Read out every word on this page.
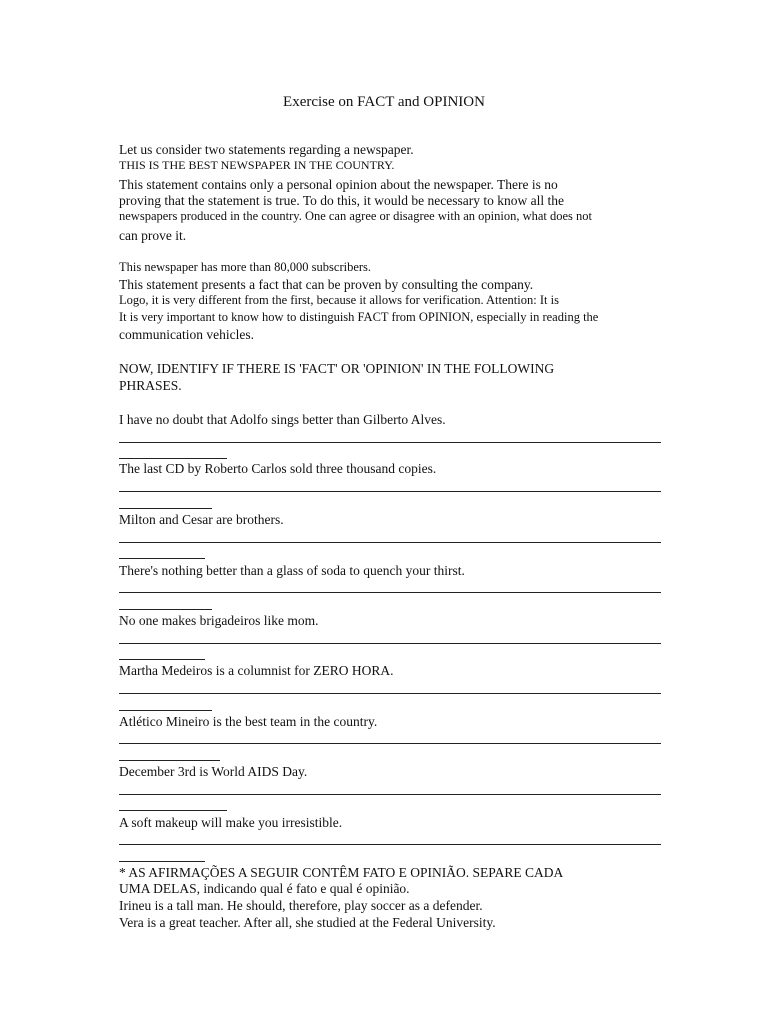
Exercise on FACT and OPINION
Let us consider two statements regarding a newspaper.
THIS IS THE BEST NEWSPAPER IN THE COUNTRY.
This statement contains only a personal opinion about the newspaper. There is no
proving that the statement is true. To do this, it would be necessary to know all the
newspapers produced in the country. One can agree or disagree with an opinion, what does not
can prove it.
This newspaper has more than 80,000 subscribers.
This statement presents a fact that can be proven by consulting the company.
Logo, it is very different from the first, because it allows for verification. Attention: It is
It is very important to know how to distinguish FACT from OPINION, especially in reading the
communication vehicles.
NOW, IDENTIFY IF THERE IS 'FACT' OR 'OPINION' IN THE FOLLOWING
PHRASES.
I have no doubt that Adolfo sings better than Gilberto Alves.
The last CD by Roberto Carlos sold three thousand copies.
Milton and Cesar are brothers.
There's nothing better than a glass of soda to quench your thirst.
No one makes brigadeiros like mom.
Martha Medeiros is a columnist for ZERO HORA.
Atlético Mineiro is the best team in the country.
December 3rd is World AIDS Day.
A soft makeup will make you irresistible.
* AS AFIRMAÇÕES A SEGUIR CONTÊM FATO E OPINIÃO. SEPARE CADA
UMA DELAS, indicando qual é fato e qual é opinião.
Irineu is a tall man. He should, therefore, play soccer as a defender.
Vera is a great teacher. After all, she studied at the Federal University.
